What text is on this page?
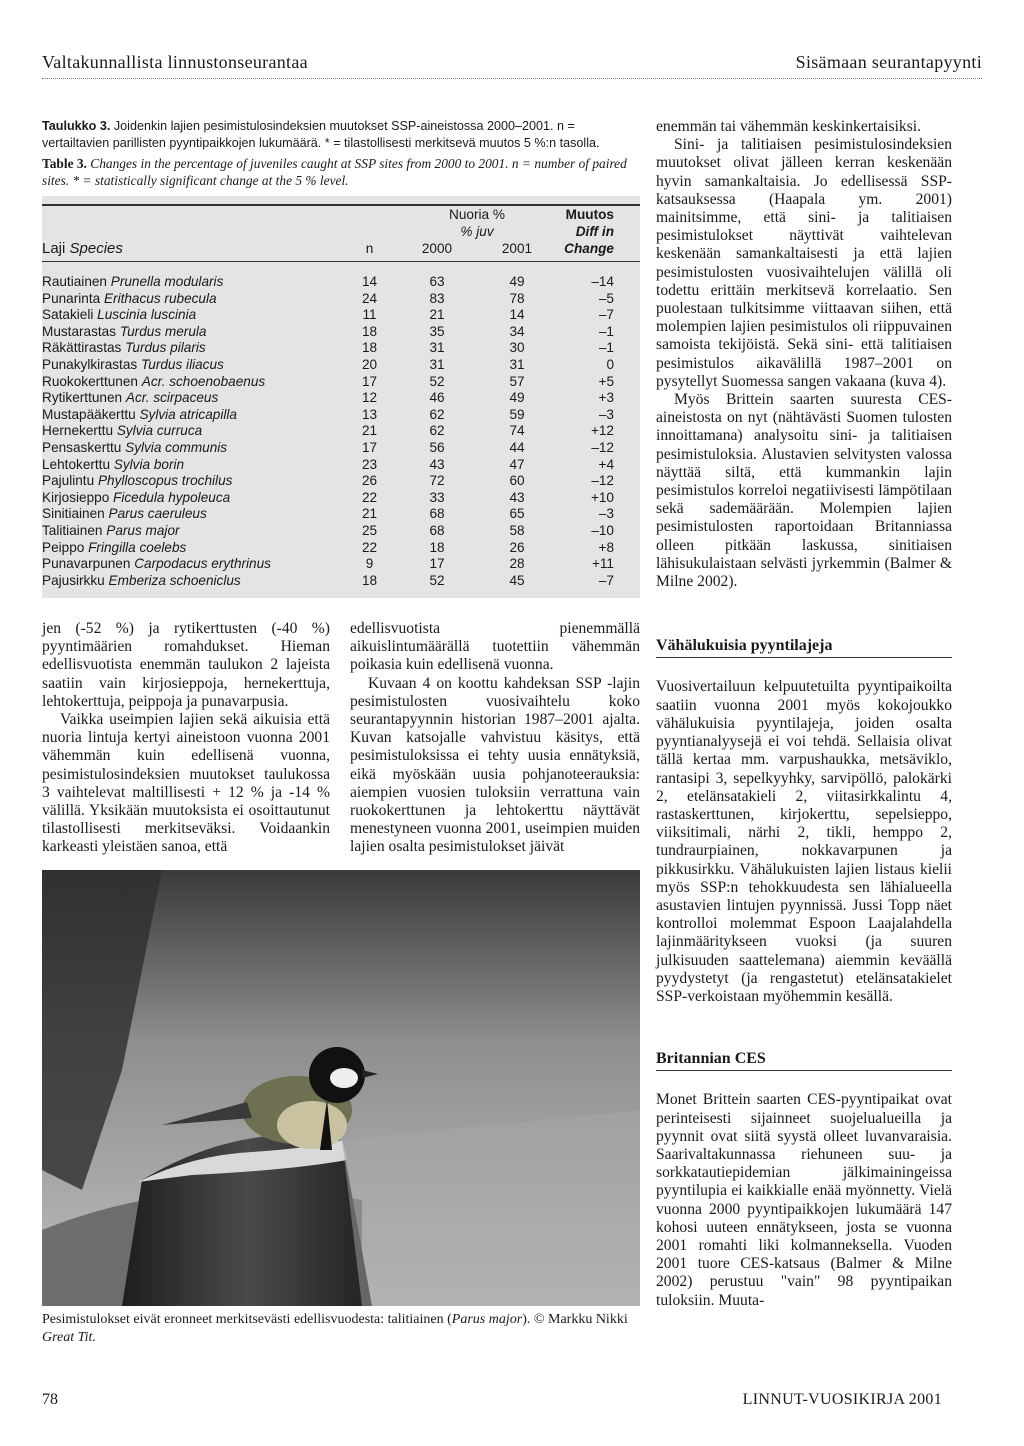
Valtakunnallista linnustonseurantaa	Sisämaan seurantapyynti

Taulukko 3. Joidenkin lajien pesimistulosindeksien muutokset SSP-aineistossa 2000–2001. n = vertailtavien parillisten pyyntipaikkojen lukumäärä. * = tilastollisesti merkitsevä muutos 5 %:n tasolla.

Table 3. Changes in the percentage of juveniles caught at SSP sites from 2000 to 2001. n = number of paired sites. * = statistically significant change at the 5 % level.

		Nuoria %		Muutos
		% juv		Diff in
Laji Species	n	2000	2001	Change

Rautiainen Prunella modularis	14	63	49	–14
Punarinta Erithacus rubecula	24	83	78	–5
Satakieli Luscinia luscinia	11	21	14	–7
Mustarastas Turdus merula	18	35	34	–1
Räkättirastas Turdus pilaris	18	31	30	–1
Punakylkirastas Turdus iliacus	20	31	31	0
Ruokokerttunen Acr. schoenobaenus	17	52	57	+5
Rytikerttunen Acr. scirpaceus	12	46	49	+3
Mustapääkerttu Sylvia atricapilla	13	62	59	–3
Hernekerttu Sylvia curruca	21	62	74	+12
Pensaskerttu Sylvia communis	17	56	44	–12
Lehtokerttu Sylvia borin	23	43	47	+4
Pajulintu Phylloscopus trochilus	26	72	60	–12
Kirjosieppo Ficedula hypoleuca	22	33	43	+10
Sinitiainen Parus caeruleus	21	68	65	–3
Talitiainen Parus major	25	68	58	–10
Peippo Fringilla coelebs	22	18	26	+8
Punavarpunen Carpodacus erythrinus	9	17	28	+11
Pajusirkku Emberiza schoeniclus	18	52	45	–7

jen (-52 %) ja rytikerttusten (-40 %) pyyntimäärien romahdukset. Hieman edellisvuotista enemmän taulukon 2 lajeista saatiin vain kirjosieppoja, hernekerttuja, lehtokerttuja, peippoja ja punavarpusia.

Vaikka useimpien lajien sekä aikuisia että nuoria lintuja kertyi aineistoon vuonna 2001 vähemmän kuin edellisenä vuonna, pesimistulosindeksien muutokset taulukossa 3 vaihtelevat maltillisesti + 12 % ja -14 % välillä. Yksikään muutoksista ei osoittautunut tilastollisesti merkitseväksi. Voidaankin karkeasti yleistäen sanoa, että

edellisvuotista pienemmällä aikuislintumäärällä tuotettiin vähemmän poikasia kuin edellisenä vuonna.

Kuvaan 4 on koottu kahdeksan SSP -lajin pesimistulosten vuosivaihtelu koko seurantapyynnin historian 1987–2001 ajalta. Kuvan katsojalle vahvistuu käsitys, että pesimistuloksissa ei tehty uusia ennätyksiä, eikä myöskään uusia pohjanoteerauksia: aiempien vuosien tuloksiin verrattuna vain ruokokerttunen ja lehtokerttu näyttävät menestyneen vuonna 2001, useimpien muiden lajien osalta pesimistulokset jäivät

enemmän tai vähemmän keskinkertaisiksi.

Sini- ja talitiaisen pesimistulosindeksien muutokset olivat jälleen kerran keskenään hyvin samankaltaisia. Jo edellisessä SSP-katsauksessa (Haapala ym. 2001) mainitsimme, että sini- ja talitiaisen pesimistulokset näyttivät vaihtelevan keskenään samankaltaisesti ja että lajien pesimistulosten vuosivaihtelujen välillä oli todettu erittäin merkitsevä korrelaatio. Sen puolestaan tulkitsimme viittaavan siihen, että molempien lajien pesimistulos oli riippuvainen samoista tekijöistä. Sekä sini- että talitiaisen pesimistulos aikavälillä 1987–2001 on pysytellyt Suomessa sangen vakaana (kuva 4).

Myös Brittein saarten suuresta CES-aineistosta on nyt (nähtävästi Suomen tulosten innoittamana) analysoitu sini- ja talitiaisen pesimistuloksia. Alustavien selvitysten valossa näyttää siltä, että kummankin lajin pesimistulos korreloi negatiivisesti lämpötilaan sekä sademäärään. Molempien lajien pesimistulosten raportoidaan Britanniassa olleen pitkään laskussa, sinitiaisen lähisukulaistaan selvästi jyrkemmin (Balmer & Milne 2002).

Vähälukuisia pyyntilajeja

Vuosivertailuun kelpuutetuilta pyyntipaikoilta saatiin vuonna 2001 myös kokojoukko vähälukuisia pyyntilajeja, joiden osalta pyyntianalyysejä ei voi tehdä. Sellaisia olivat tällä kertaa mm. varpushaukka, metsäviklo, rantasipi 3, sepelkyyhky, sarvipöllö, palokärki 2, etelänsatakieli 2, viitasirkkalintu 4, rastaskerttunen, kirjokerttu, sepelsieppo, viiksitimali, närhi 2, tikli, hemppo 2, tundraurpiainen, nokkavarpunen ja pikkusirkku. Vähälukuisten lajien listaus kielii myös SSP:n tehokkuudesta sen lähialueella asustavien lintujen pyynnissä. Jussi Topp näet kontrolloi molemmat Espoon Laajalahdella lajinmääritykseen vuoksi (ja suuren julkisuuden saattelemana) aiemmin keväällä pyydystetyt (ja rengastetut) etelänsatakielet SSP-verkoistaan myöhemmin kesällä.

Britannian CES

Monet Brittein saarten CES-pyyntipaikat ovat perinteisesti sijainneet suojelualueilla ja pyynnit ovat siitä syystä olleet luvanvaraisia. Saarivaltakunnassa riehuneen suu- ja sorkkatautiepidemian jälkimainingeissa pyyntilupia ei kaikkialle enää myönnetty. Vielä vuonna 2000 pyyntipaikkojen lukumäärä 147 kohosi uuteen ennätykseen, josta se vuonna 2001 romahti liki kolmanneksella. Vuoden 2001 tuore CES-katsaus (Balmer & Milne 2002) perustuu "vain" 98 pyyntipaikan tuloksiin. Muuta-

Pesimistulokset eivät eronneet merkitsevästi edellisvuodesta: talitiainen (Parus major). © Markku Nikki
Great Tit.
78	LINNUT-VUOSIKIRJA 2001
